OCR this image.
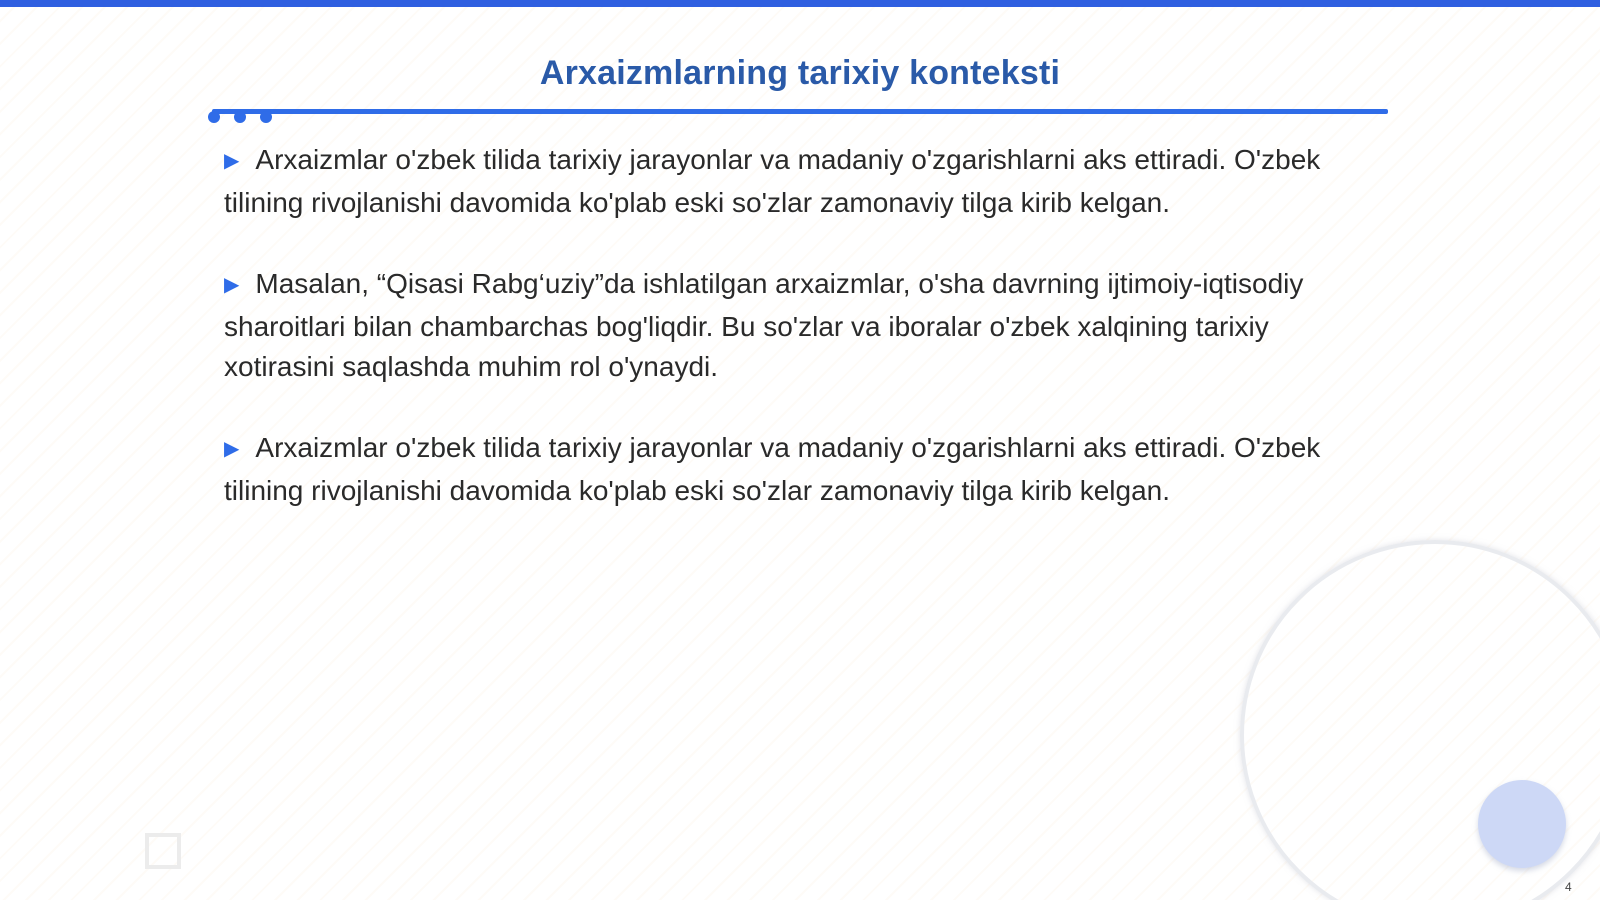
Arxaizmlarning tarixiy konteksti

▶ Arxaizmlar o'zbek tilida tarixiy jarayonlar va madaniy o'zgarishlarni aks ettiradi. O'zbek tilining rivojlanishi davomida ko'plab eski so'zlar zamonaviy tilga kirib kelgan.

▶ Masalan, “Qisasi Rabg‘uziy”da ishlatilgan arxaizmlar, o'sha davrning ijtimoiy-iqtisodiy sharoitlari bilan chambarchas bog'liqdir. Bu so'zlar va iboralar o'zbek xalqining tarixiy xotirasini saqlashda muhim rol o'ynaydi.

▶ Arxaizmlar o'zbek tilida tarixiy jarayonlar va madaniy o'zgarishlarni aks ettiradi. O'zbek tilining rivojlanishi davomida ko'plab eski so'zlar zamonaviy tilga kirib kelgan.

4
